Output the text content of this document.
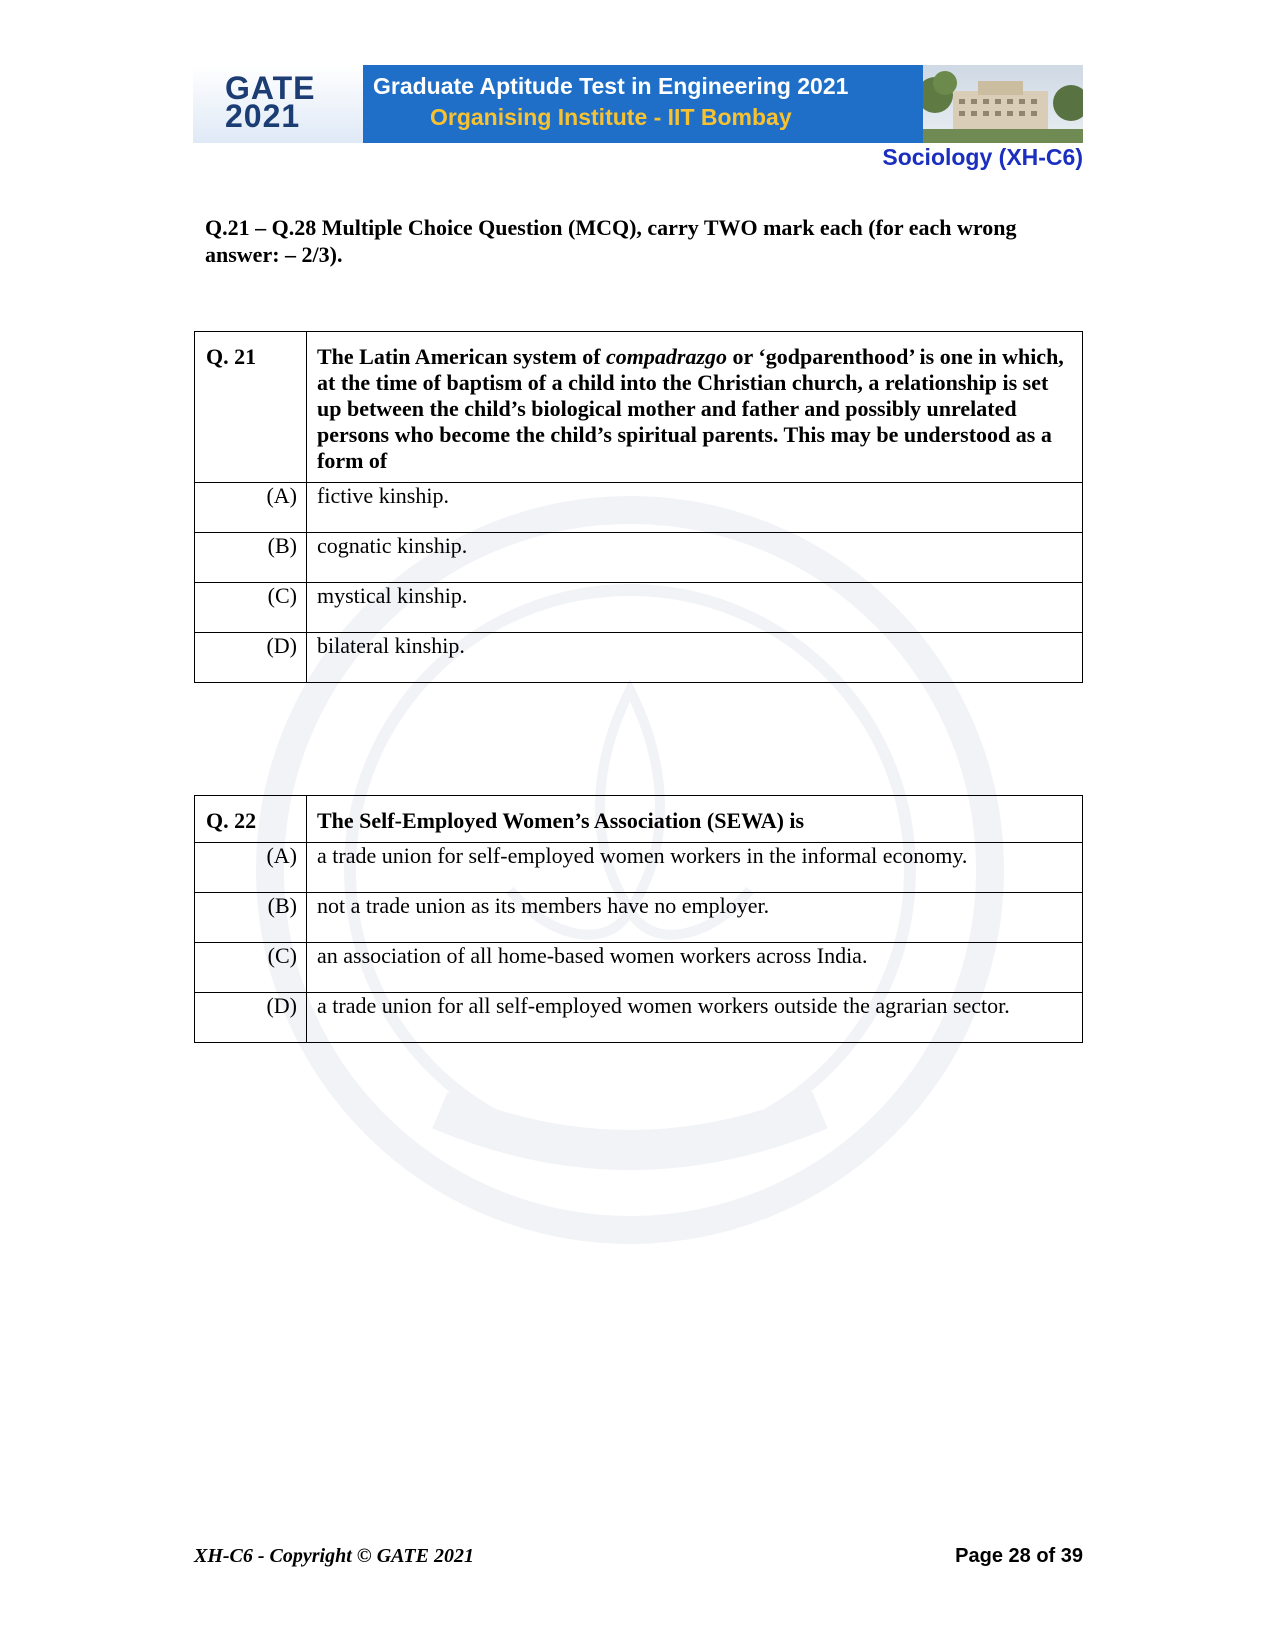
GATE
2021
Graduate Aptitude Test in Engineering 2021
Organising Institute - IIT Bombay
Sociology (XH-C6)
Q.21 – Q.28 Multiple Choice Question (MCQ), carry TWO mark each (for each wrong answer: – 2/3).
Q. 21	The Latin American system of compadrazgo or ‘godparenthood’ is one in which, at the time of baptism of a child into the Christian church, a relationship is set up between the child’s biological mother and father and possibly unrelated persons who become the child’s spiritual parents. This may be understood as a form of
(A)	fictive kinship.
(B)	cognatic kinship.
(C)	mystical kinship.
(D)	bilateral kinship.
Q. 22	The Self-Employed Women’s Association (SEWA) is
(A)	a trade union for self-employed women workers in the informal economy.
(B)	not a trade union as its members have no employer.
(C)	an association of all home-based women workers across India.
(D)	a trade union for all self-employed women workers outside the agrarian sector.
XH-C6 - Copyright © GATE 2021	Page 28 of 39
